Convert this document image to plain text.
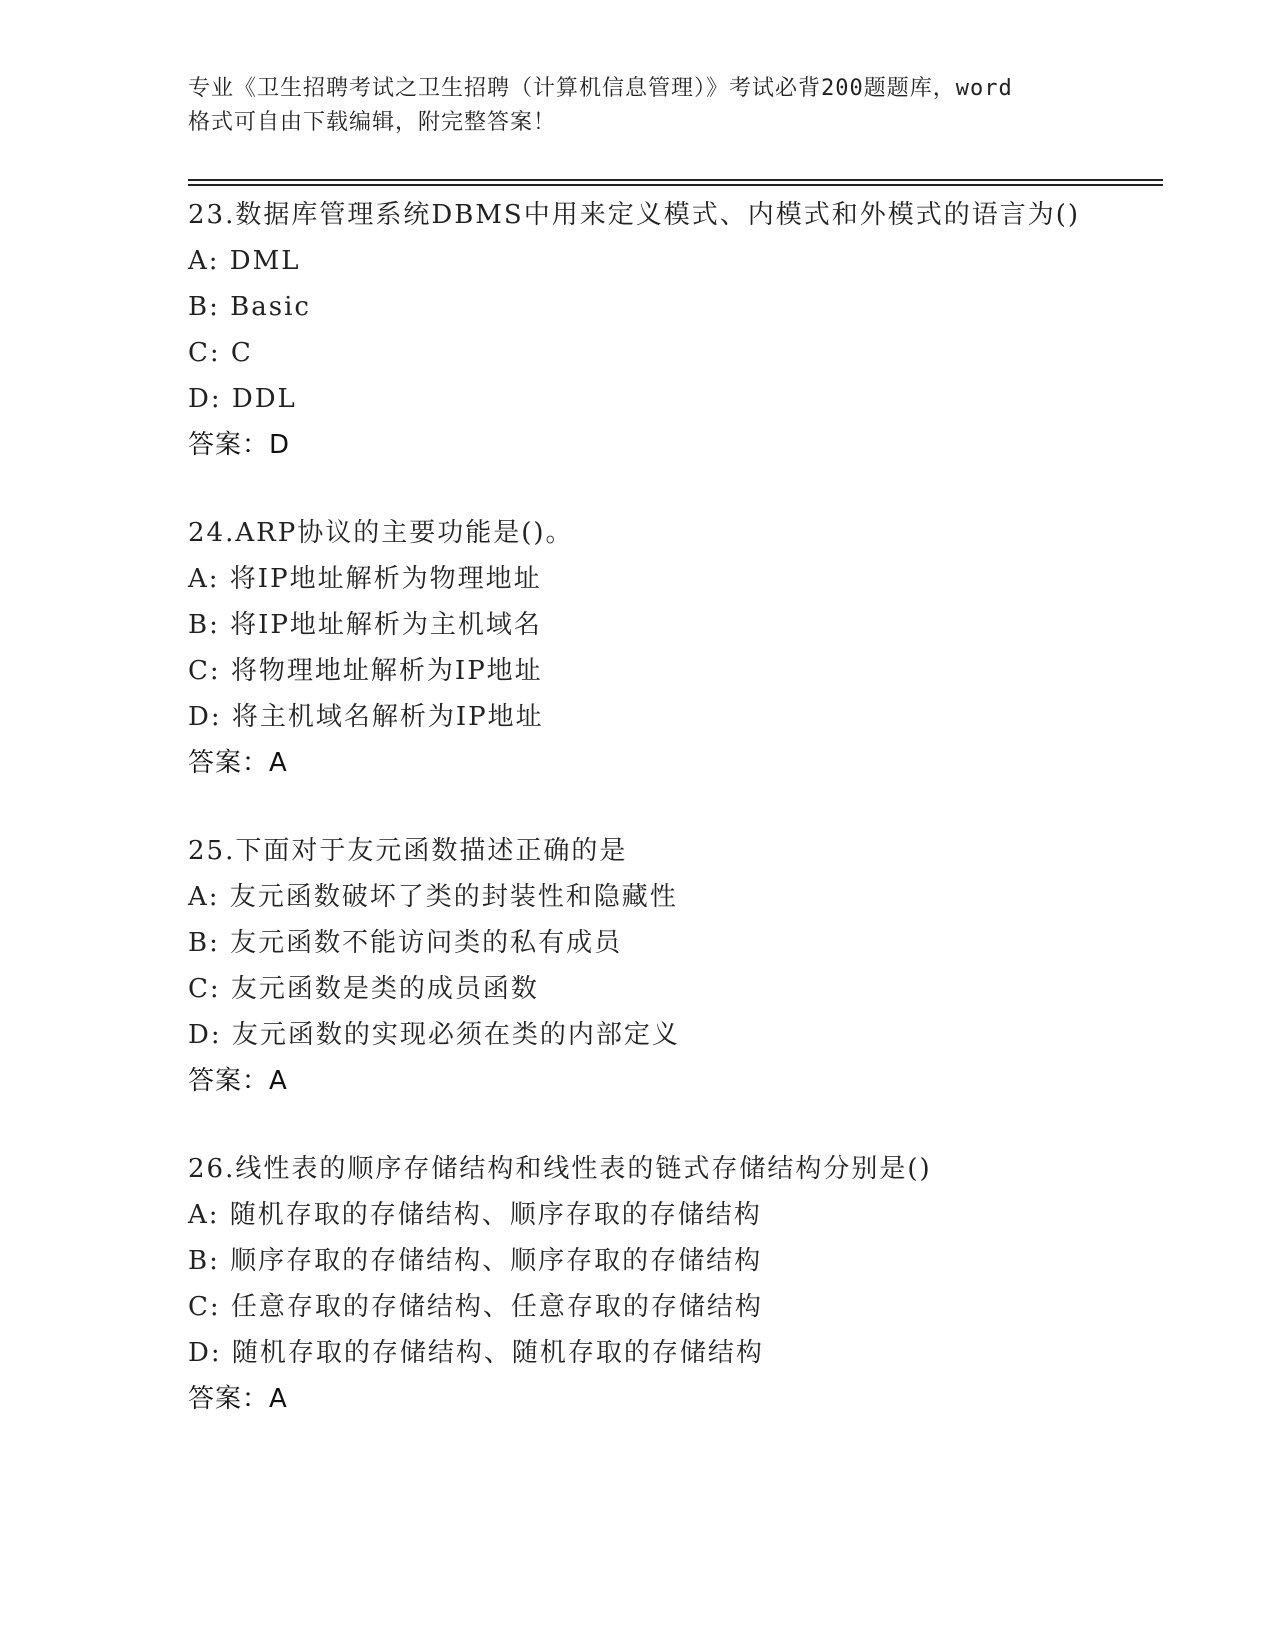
专业《卫生招聘考试之卫生招聘（计算机信息管理）》考试必背200题题库，word
格式可自由下载编辑，附完整答案！

23.数据库管理系统DBMS中用来定义模式、内模式和外模式的语言为()

A: DML

B: Basic

C: C

D: DDL

答案：D

24.ARP协议的主要功能是()。

A: 将IP地址解析为物理地址

B: 将IP地址解析为主机域名

C: 将物理地址解析为IP地址

D: 将主机域名解析为IP地址

答案：A

25.下面对于友元函数描述正确的是

A: 友元函数破坏了类的封装性和隐藏性

B: 友元函数不能访问类的私有成员

C: 友元函数是类的成员函数

D: 友元函数的实现必须在类的内部定义

答案：A

26.线性表的顺序存储结构和线性表的链式存储结构分别是()

A: 随机存取的存储结构、顺序存取的存储结构

B: 顺序存取的存储结构、顺序存取的存储结构

C: 任意存取的存储结构、任意存取的存储结构

D: 随机存取的存储结构、随机存取的存储结构

答案：A
